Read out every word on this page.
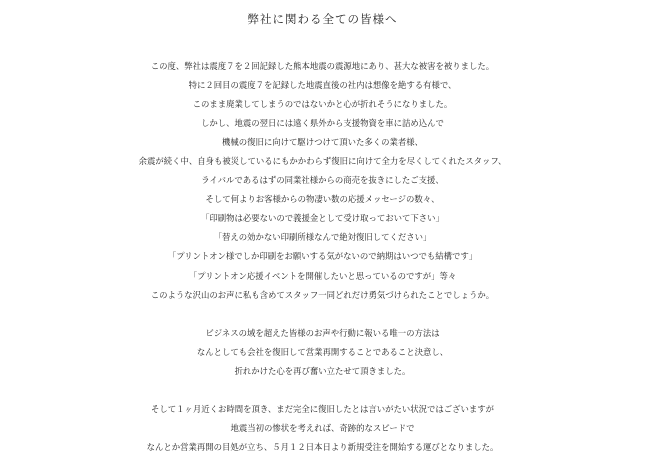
弊社に関わる全ての皆様へ
この度、弊社は震度７を２回記録した熊本地震の震源地にあり、甚大な被害を被りました。
特に２回目の震度７を記録した地震直後の社内は想像を絶する有様で、
このまま廃業してしまうのではないかと心が折れそうになりました。
しかし、地震の翌日には遠く県外から支援物資を車に詰め込んで
機械の復旧に向けて駆けつけて頂いた多くの業者様、
余震が続く中、自身も被災しているにもかかわらず復旧に向けて全力を尽くしてくれたスタッフ、
ライバルであるはずの同業社様からの商売を抜きにしたご支援、
そして何よりお客様からの物凄い数の応援メッセージの数々、
「印刷物は必要ないので義援金として受け取っておいて下さい」
「替えの効かない印刷所様なんで絶対復旧してください」
「プリントオン様でしか印刷をお願いする気がないので納期はいつでも結構です」
「プリントオン応援イベントを開催したいと思っているのですが」等々
このような沢山のお声に私も含めてスタッフ一同どれだけ勇気づけられたことでしょうか。
ビジネスの域を超えた皆様のお声や行動に報いる唯一の方法は
なんとしても会社を復旧して営業再開することであること決意し、
折れかけた心を再び奮い立たせて頂きました。
そして１ヶ月近くお時間を頂き、まだ完全に復旧したとは言いがたい状況ではございますが
地震当初の惨状を考えれば、奇跡的なスピードで
なんとか営業再開の目処が立ち、５月１２日本日より新規受注を開始する運びとなりました。
